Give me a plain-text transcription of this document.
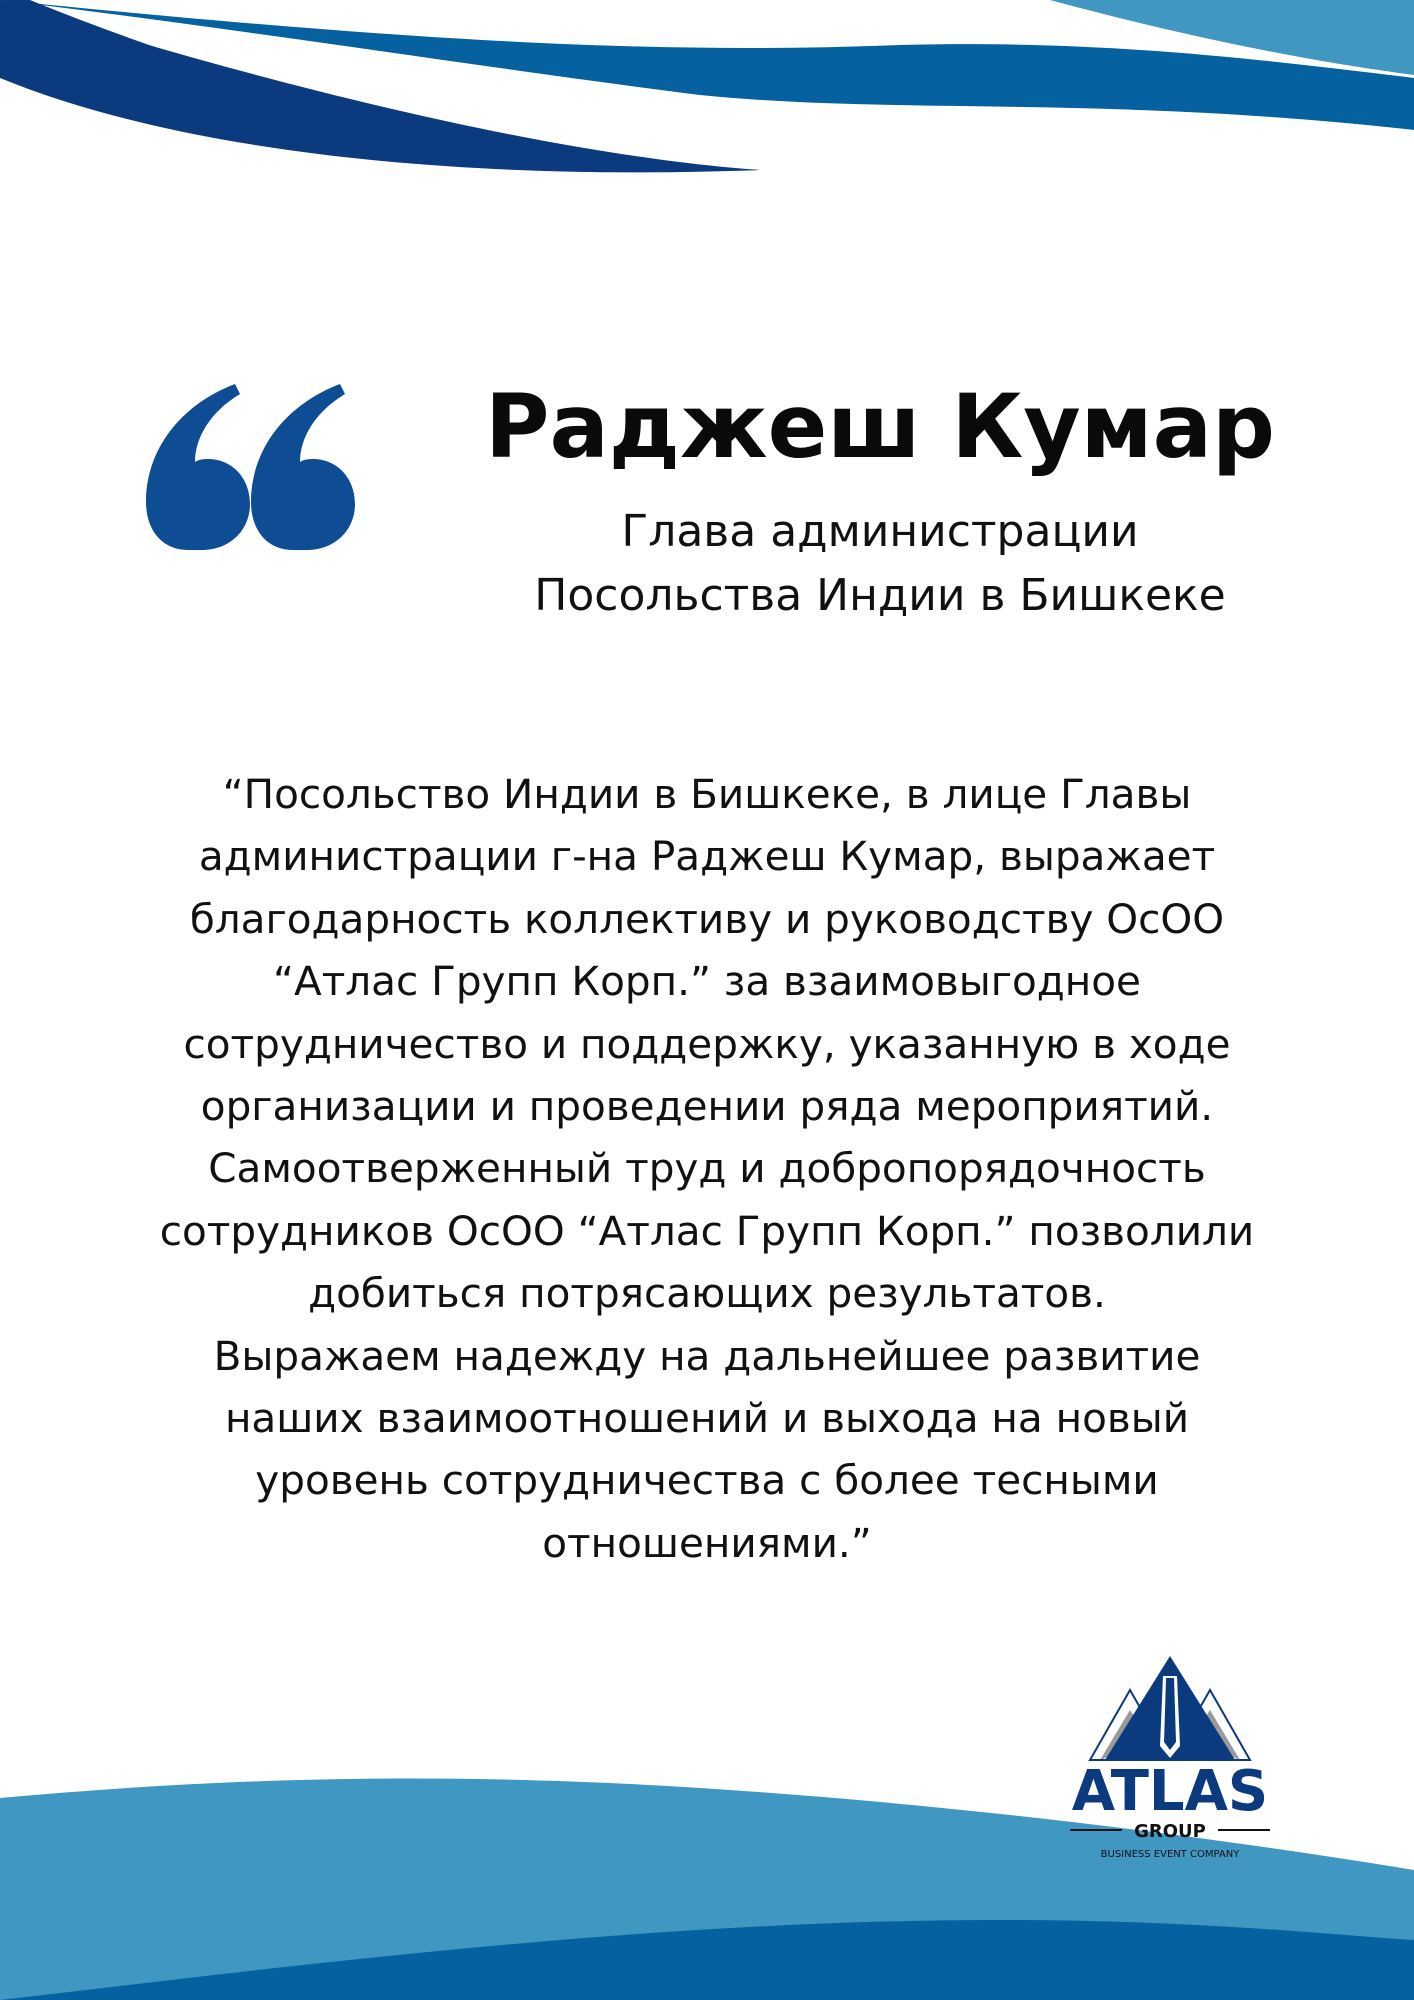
Раджеш Кумар

Глава администрации
Посольства Индии в Бишкеке

“Посольство Индии в Бишкеке, в лице Главы
администрации г-на Раджеш Кумар, выражает
благодарность коллективу и руководству ОсОО
“Атлас Групп Корп.” за взаимовыгодное
сотрудничество и поддержку, указанную в ходе
организации и проведении ряда мероприятий.
Самоотверженный труд и добропорядочность
сотрудников ОсОО “Атлас Групп Корп.” позволили
добиться потрясающих результатов.
Выражаем надежду на дальнейшее развитие
наших взаимоотношений и выхода на новый
уровень сотрудничества с более тесными
отношениями.”

ATLAS
GROUP
BUSINESS EVENT COMPANY
